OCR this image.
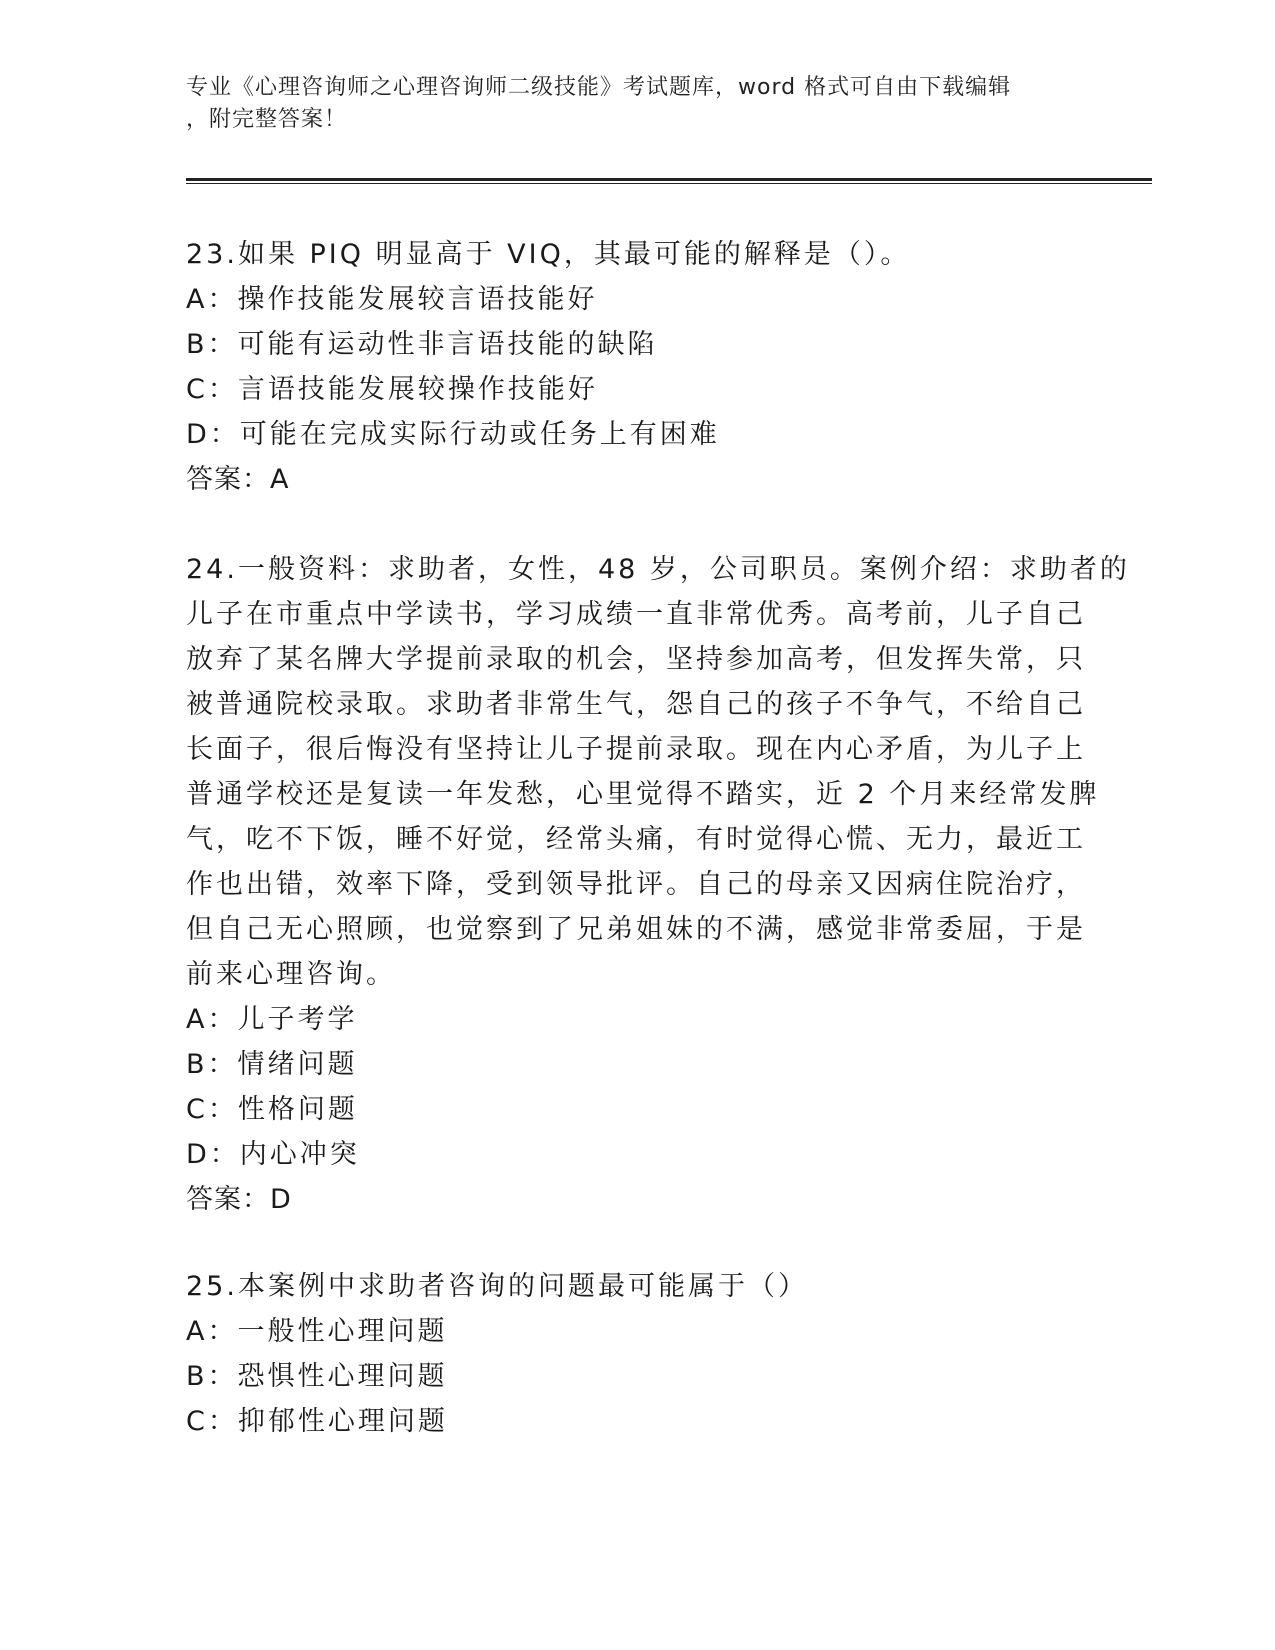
专业《心理咨询师之心理咨询师二级技能》考试题库，word 格式可自由下载编辑
，附完整答案！
23.如果 PIQ 明显高于 VIQ，其最可能的解释是（）。
A：操作技能发展较言语技能好
B：可能有运动性非言语技能的缺陷
C：言语技能发展较操作技能好
D：可能在完成实际行动或任务上有困难
答案：A
24.一般资料：求助者，女性，48 岁，公司职员。案例介绍：求助者的
儿子在市重点中学读书，学习成绩一直非常优秀。高考前，儿子自己
放弃了某名牌大学提前录取的机会，坚持参加高考，但发挥失常，只
被普通院校录取。求助者非常生气，怨自己的孩子不争气，不给自己
长面子，很后悔没有坚持让儿子提前录取。现在内心矛盾，为儿子上
普通学校还是复读一年发愁，心里觉得不踏实，近 2 个月来经常发脾
气，吃不下饭，睡不好觉，经常头痛，有时觉得心慌、无力，最近工
作也出错，效率下降，受到领导批评。自己的母亲又因病住院治疗，
但自己无心照顾，也觉察到了兄弟姐妹的不满，感觉非常委屈，于是
前来心理咨询。
A：儿子考学
B：情绪问题
C：性格问题
D：内心冲突
答案：D
25.本案例中求助者咨询的问题最可能属于（）
A：一般性心理问题
B：恐惧性心理问题
C：抑郁性心理问题
